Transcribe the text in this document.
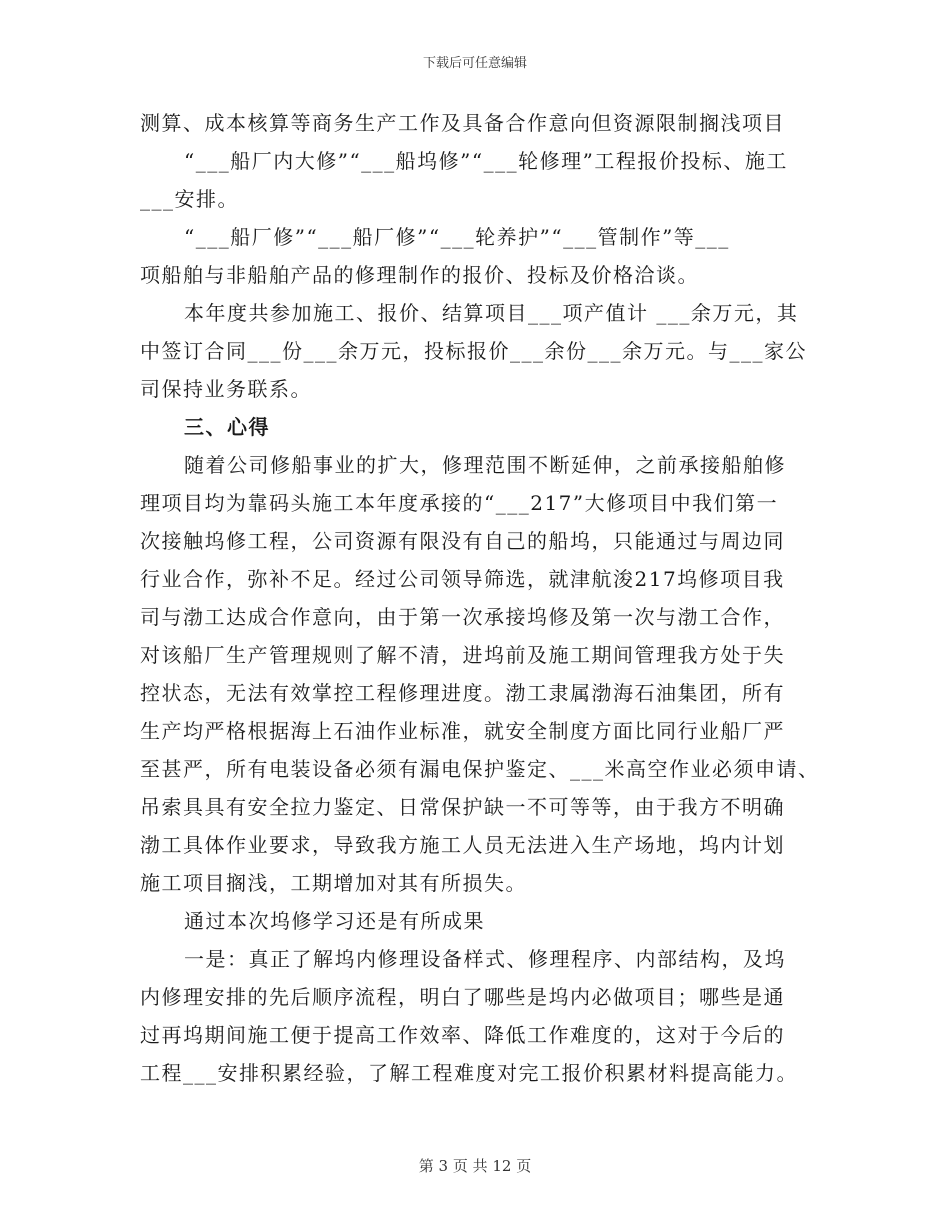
下载后可任意编辑
测算、成本核算等商务生产工作及具备合作意向但资源限制搁浅项目
“___船厂内大修”“___船坞修”“___轮修理”工程报价投标、施工
___安排。
“___船厂修”“___船厂修”“___轮养护”“___管制作”等___
项船舶与非船舶产品的修理制作的报价、投标及价格洽谈。
本年度共参加施工、报价、结算项目___项产值计 ___余万元，其
中签订合同___份___余万元，投标报价___余份___余万元。与___家公
司保持业务联系。
三、心得
随着公司修船事业的扩大，修理范围不断延伸，之前承接船舶修
理项目均为靠码头施工本年度承接的“___217”大修项目中我们第一
次接触坞修工程，公司资源有限没有自己的船坞，只能通过与周边同
行业合作，弥补不足。经过公司领导筛选，就津航浚217坞修项目我
司与渤工达成合作意向，由于第一次承接坞修及第一次与渤工合作，
对该船厂生产管理规则了解不清，进坞前及施工期间管理我方处于失
控状态，无法有效掌控工程修理进度。渤工隶属渤海石油集团，所有
生产均严格根据海上石油作业标准，就安全制度方面比同行业船厂严
至甚严，所有电装设备必须有漏电保护鉴定、___米高空作业必须申请、
吊索具具有安全拉力鉴定、日常保护缺一不可等等，由于我方不明确
渤工具体作业要求，导致我方施工人员无法进入生产场地，坞内计划
施工项目搁浅，工期增加对其有所损失。
通过本次坞修学习还是有所成果
一是：真正了解坞内修理设备样式、修理程序、内部结构，及坞
内修理安排的先后顺序流程，明白了哪些是坞内必做项目；哪些是通
过再坞期间施工便于提高工作效率、降低工作难度的，这对于今后的
工程___安排积累经验，了解工程难度对完工报价积累材料提高能力。
第 3 页 共 12 页
